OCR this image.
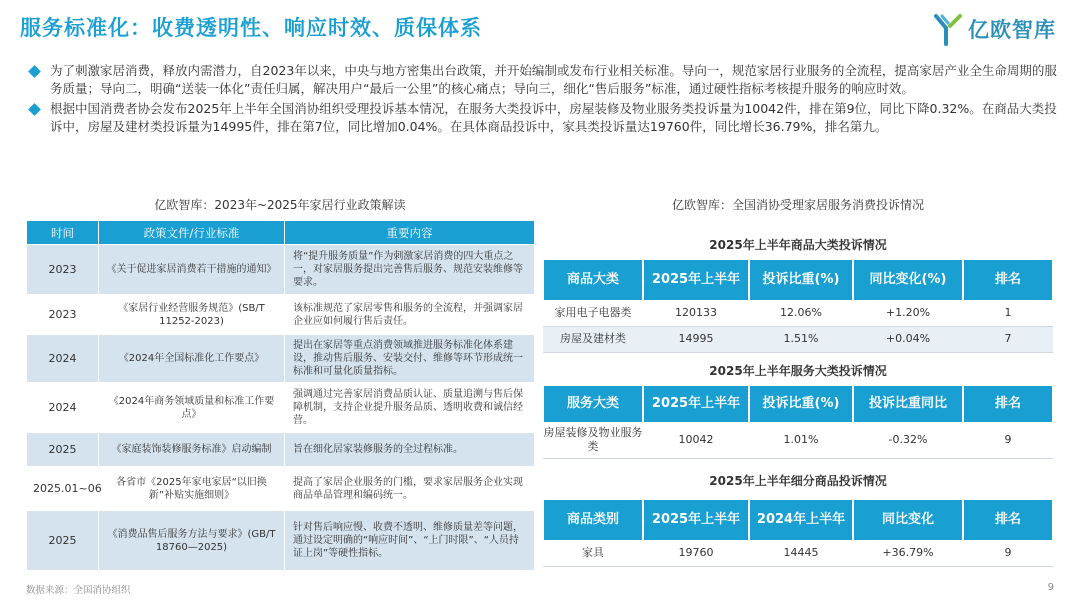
服务标准化：收费透明性、响应时效、质保体系	亿欧智库
为了刺激家居消费，释放内需潜力，自2023年以来，中央与地方密集出台政策，并开始编制或发布行业相关标准。导向一，规范家居行业服务的全流程，提高家居产业全生命周期的服务质量；导向二，明确“送装一体化”责任归属，解决用户“最后一公里”的核心痛点；导向三，细化“售后服务”标准，通过硬性指标考核提升服务的响应时效。
根据中国消费者协会发布2025年上半年全国消协组织受理投诉基本情况，在服务大类投诉中，房屋装修及物业服务类投诉量为10042件，排在第9位，同比下降0.32%。在商品大类投诉中，房屋及建材类投诉量为14995件，排在第7位，同比增加0.04%。在具体商品投诉中，家具类投诉量达19760件，同比增长36.79%，排名第九。
亿欧智库：2023年~2025年家居行业政策解读
时间	政策文件/行业标准	重要内容
2023	《关于促进家居消费若干措施的通知》	将“提升服务质量”作为刺激家居消费的四大重点之一，对家居服务提出完善售后服务、规范安装维修等要求。
2023	《家居行业经营服务规范》(SB/T 11252-2023)	该标准规范了家居零售和服务的全流程，并强调家居企业应如何履行售后责任。
2024	《2024年全国标准化工作要点》	提出在家居等重点消费领域推进服务标准化体系建设，推动售后服务、安装交付、维修等环节形成统一标准和可量化质量指标。
2024	《2024年商务领域质量和标准工作要点》	强调通过完善家居消费品质认证、质量追溯与售后保障机制，支持企业提升服务品质、透明收费和诚信经营。
2025	《家庭装饰装修服务标准》启动编制	旨在细化居家装修服务的全过程标准。
2025.01~06	各省市《2025年家电家居“以旧换新”补贴实施细则》	提高了家居企业服务的门槛，要求家居服务企业实现商品单品管理和编码统一。
2025	《消费品售后服务方法与要求》(GB/T 18760—2025)	针对售后响应慢、收费不透明、维修质量差等问题，通过设定明确的“响应时间”、“上门时限”、“人员持证上岗”等硬性指标。
亿欧智库：全国消协受理家居服务消费投诉情况
2025年上半年商品大类投诉情况
商品大类	2025年上半年	投诉比重(%)	同比变化(%)	排名
家用电子电器类	120133	12.06%	+1.20%	1
房屋及建材类	14995	1.51%	+0.04%	7
2025年上半年服务大类投诉情况
服务大类	2025年上半年	投诉比重(%)	投诉比重同比	排名
房屋装修及物业服务类	10042	1.01%	-0.32%	9
2025年上半年细分商品投诉情况
商品类别	2025年上半年	2024年上半年	同比变化	排名
家具	19760	14445	+36.79%	9
数据来源：全国消协组织	9
